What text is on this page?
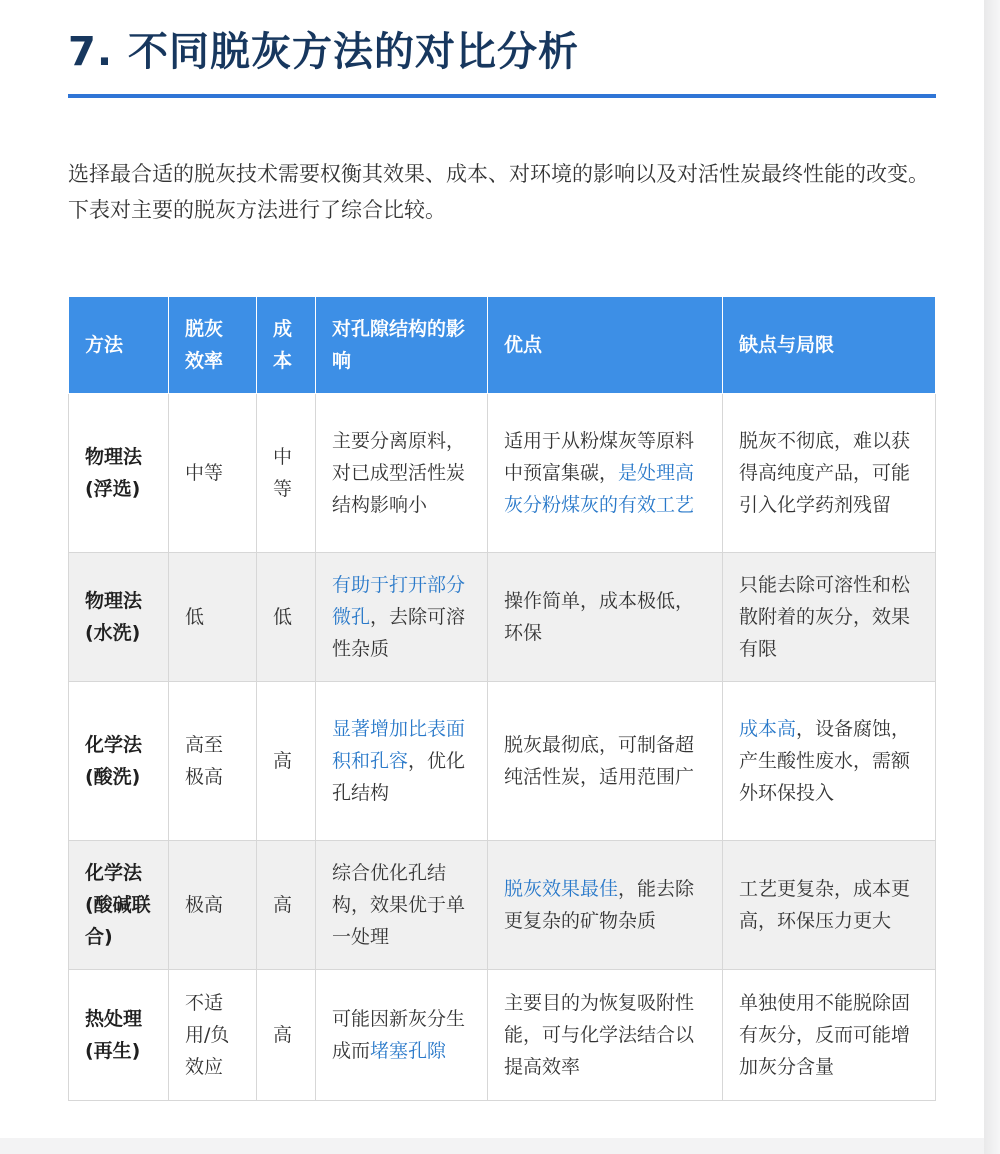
7. 不同脱灰方法的对比分析

选择最合适的脱灰技术需要权衡其效果、成本、对环境的影响以及对活性炭最终性能的改变。下表对主要的脱灰方法进行了综合比较。

方法	脱灰效率	成本	对孔隙结构的影响	优点	缺点与局限
物理法(浮选)	中等	中等	主要分离原料，对已成型活性炭结构影响小	适用于从粉煤灰等原料中预富集碳，是处理高灰分粉煤灰的有效工艺	脱灰不彻底，难以获得高纯度产品，可能引入化学药剂残留
物理法(水洗)	低	低	有助于打开部分微孔，去除可溶性杂质	操作简单，成本极低，环保	只能去除可溶性和松散附着的灰分，效果有限
化学法(酸洗)	高至极高	高	显著增加比表面积和孔容，优化孔结构	脱灰最彻底，可制备超纯活性炭，适用范围广	成本高，设备腐蚀，产生酸性废水，需额外环保投入
化学法(酸碱联合)	极高	高	综合优化孔结构，效果优于单一处理	脱灰效果最佳，能去除更复杂的矿物杂质	工艺更复杂，成本更高，环保压力更大
热处理(再生)	不适用/负效应	高	可能因新灰分生成而堵塞孔隙	主要目的为恢复吸附性能，可与化学法结合以提高效率	单独使用不能脱除固有灰分，反而可能增加灰分含量
